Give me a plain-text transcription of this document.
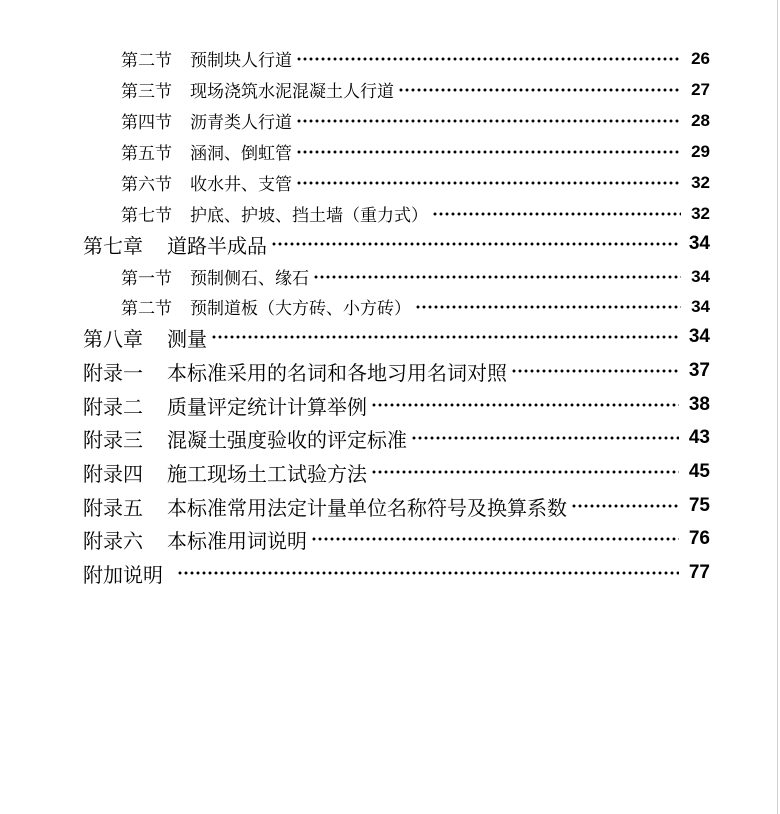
第二节 预制块人行道	26
第三节 现场浇筑水泥混凝土人行道	27
第四节 沥青类人行道	28
第五节 涵洞、倒虹管	29
第六节 收水井、支管	32
第七节 护底、护坡、挡土墙（重力式）	32
第七章 道路半成品	34
第一节 预制侧石、缘石	34
第二节 预制道板（大方砖、小方砖）	34
第八章 测量	34
附录一 本标准采用的名词和各地习用名词对照	37
附录二 质量评定统计计算举例	38
附录三 混凝土强度验收的评定标准	43
附录四 施工现场土工试验方法	45
附录五 本标准常用法定计量单位名称符号及换算系数	75
附录六 本标准用词说明	76
附加说明	77
